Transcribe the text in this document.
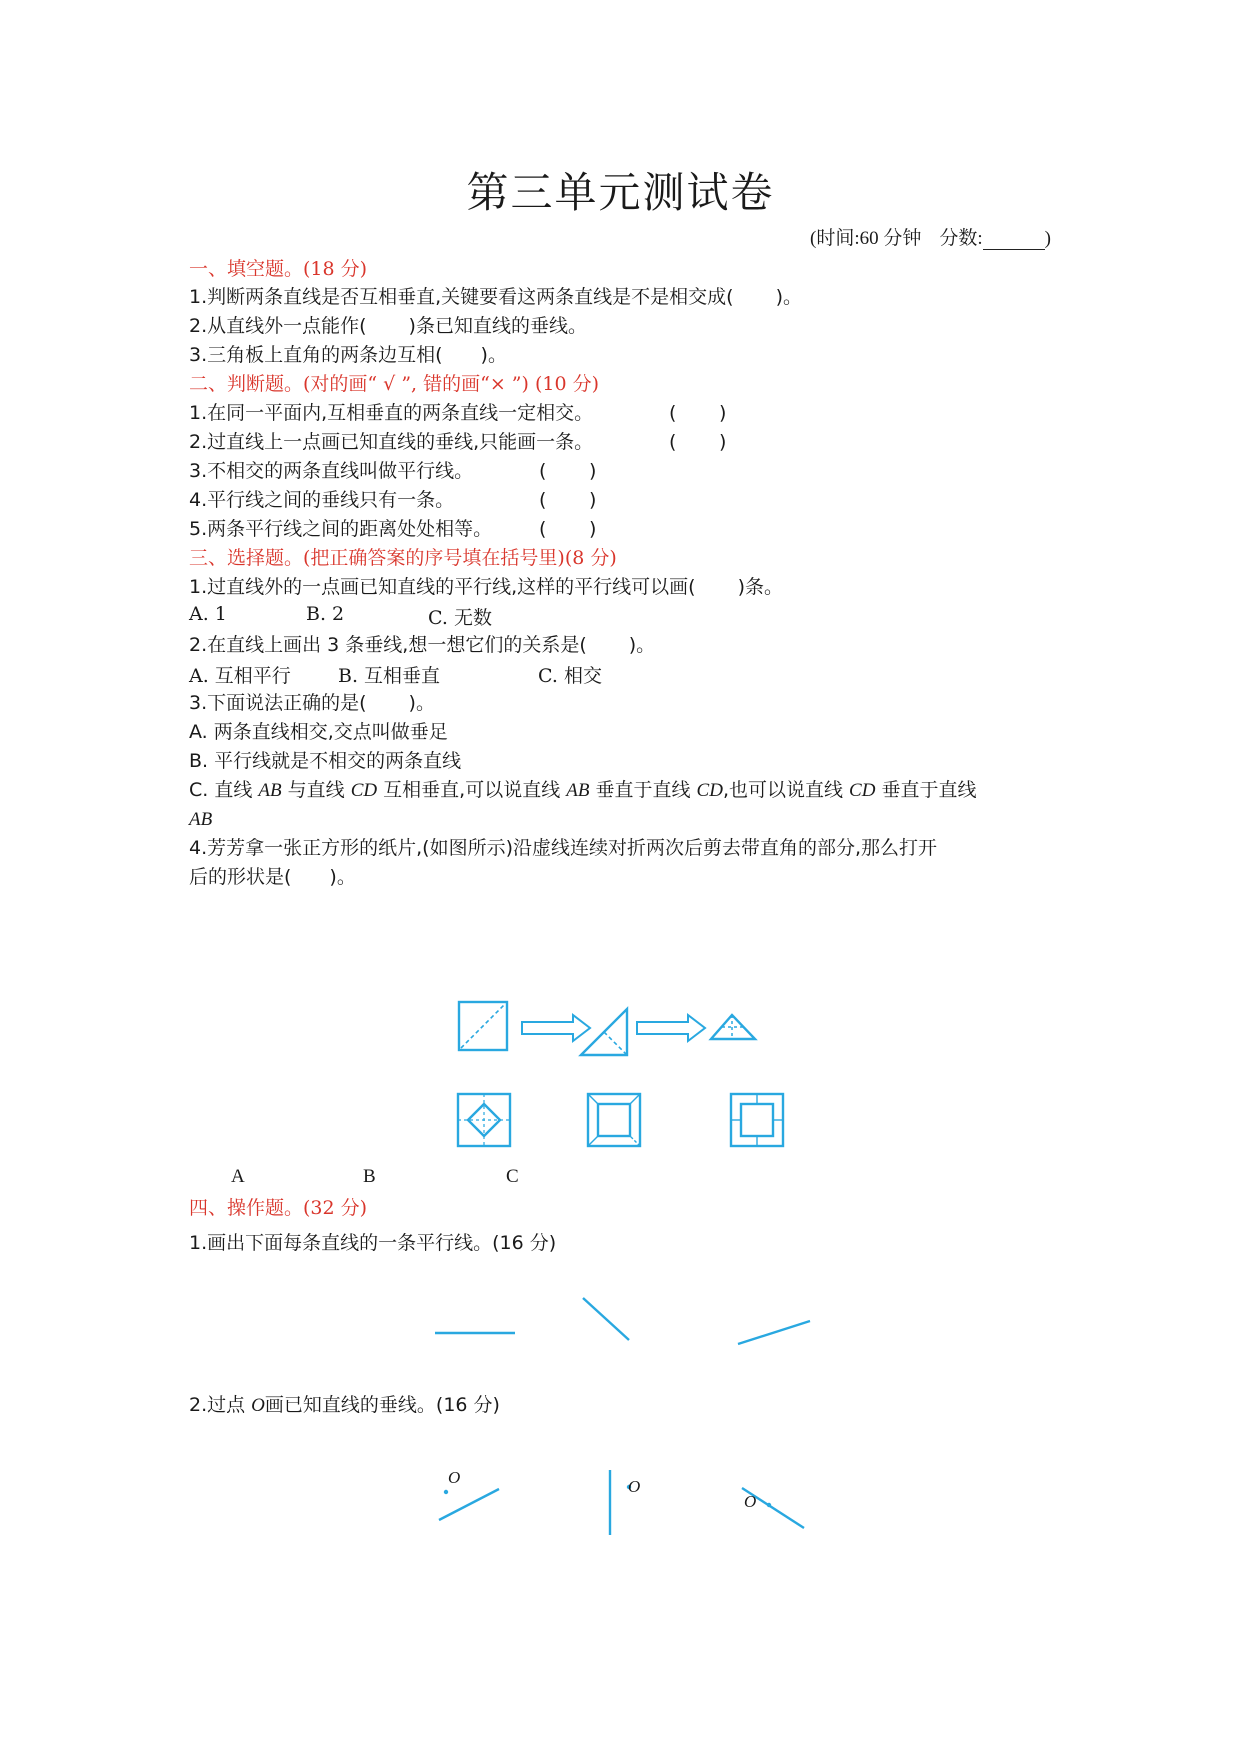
第三单元测试卷
(时间:60 分钟 分数:	)
一、填空题。(18 分)
1.判断两条直线是否互相垂直,关键要看这两条直线是不是相交成( )。
2.从直线外一点能作( )条已知直线的垂线。
3.三角板上直角的两条边互相( )。
二、判断题。(对的画“ √ ”, 错的画“× ”) (10 分)
1.在同一平面内,互相垂直的两条直线一定相交。	( )
2.过直线上一点画已知直线的垂线,只能画一条。	( )
3.不相交的两条直线叫做平行线。	( )
4.平行线之间的垂线只有一条。	( )
5.两条平行线之间的距离处处相等。 ( )
三、选择题。(把正确答案的序号填在括号里)(8 分)
1.过直线外的一点画已知直线的平行线,这样的平行线可以画( )条。
A. 1	B. 2	C. 无数
2.在直线上画出 3 条垂线,想一想它们的关系是( )。
A. 互相平行 B. 互相垂直	C. 相交
3.下面说法正确的是( )。
A. 两条直线相交,交点叫做垂足
B. 平行线就是不相交的两条直线
C. 直线 AB 与直线 CD 互相垂直,可以说直线 AB 垂直于直线 CD,也可以说直线 CD 垂直于直线
AB
4.芳芳拿一张正方形的纸片,(如图所示)沿虚线连续对折两次后剪去带直角的部分,那么打开
后的形状是( )。
A	B	C
四、操作题。(32 分)
1.画出下面每条直线的一条平行线。(16 分)
2.过点 O画已知直线的垂线。(16 分)
O	O
O
